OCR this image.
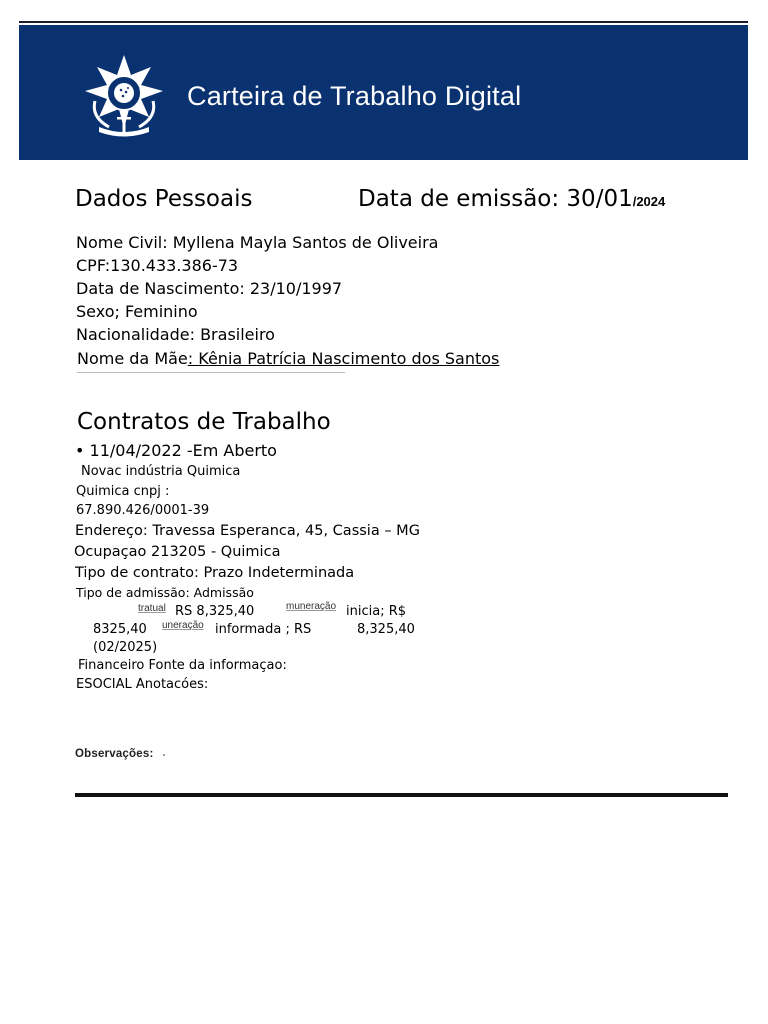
Carteira de Trabalho Digital
Dados Pessoais	Data de emissão: 30/01/2024
Nome Civil: Myllena Mayla Santos de Oliveira
CPF:130.433.386-73
Data de Nascimento: 23/10/1997
Sexo; Feminino
Nacionalidade: Brasileiro
Nome da Mãe: Kênia Patrícia Nascimento dos Santos
Contratos de Trabalho
• 11/04/2022 -Em Aberto
Novac indústria Quimica
Quimica cnpj :
67.890.426/0001-39
Endereço: Travessa Esperanca, 45, Cassia – MG
Ocupaçao 213205 - Quimica
Tipo de contrato: Prazo Indeterminada
Tipo de admissão: Admissão
tratual RS 8,325,40	muneração inicia; R$
8325,40 uneração informada ; RS	8,325,40
(02/2025)
Financeiro Fonte da informaçao:
ESOCIAL Anotacóes:
Observações:
